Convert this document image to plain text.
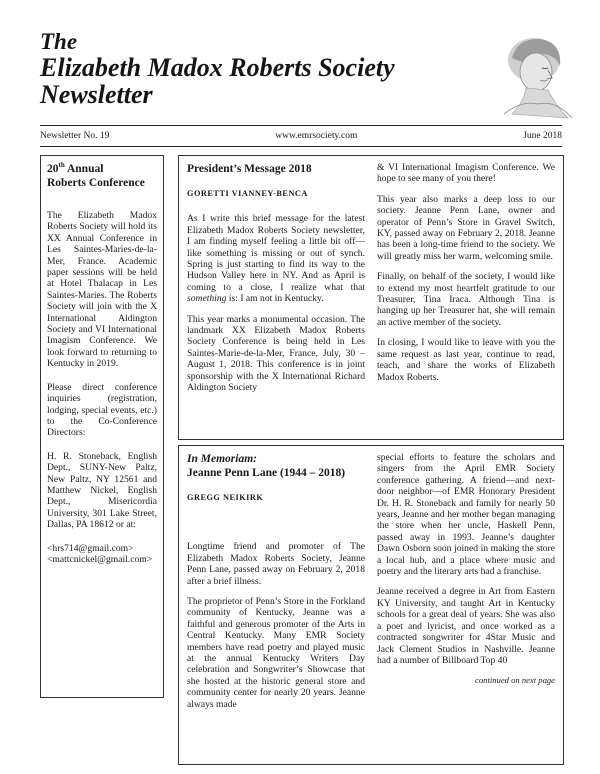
The
Elizabeth Madox Roberts Society
Newsletter
Newsletter No. 19	www.emrsociety.com	June 2018
20th Annual
Roberts Conference

The Elizabeth Madox Roberts Society will hold its XX Annual Conference in Les Saintes-Maries-de-la-Mer, France. Academic paper sessions will be held at Hotel Thalacap in Les Saintes-Maries. The Roberts Society will join with the X International Aldington Society and VI International Imagism Conference. We look forward to returning to Kentucky in 2019.

Please direct conference inquiries (registration, lodging, special events, etc.) to the Co-Conference Directors:

H. R. Stoneback, English Dept., SUNY-New Paltz, New Paltz, NY 12561 and Matthew Nickel, English Dept., Misericordia University, 301 Lake Street, Dallas, PA 18612 or at:

<hrs714@gmail.com>
<mattcnickel@gmail.com>
President’s Message 2018
GORETTI VIANNEY-BENCA

As I write this brief message for the latest Elizabeth Madox Roberts Society newsletter, I am finding myself feeling a little bit off—like something is missing or out of synch. Spring is just starting to find its way to the Hudson Valley here in NY. And as April is coming to a close, I realize what that something is: I am not in Kentucky.

This year marks a monumental occasion. The landmark XX Elizabeth Madox Roberts Society Conference is being held in Les Saintes-Marie-de-la-Mer, France, July, 30 – August 1, 2018. This conference is in joint sponsorship with the X International Richard Aldington Society

& VI International Imagism Conference. We hope to see many of you there!

This year also marks a deep loss to our society. Jeanne Penn Lane, owner and operator of Penn’s Store in Gravel Switch, KY, passed away on February 2, 2018. Jeanne has been a long-time friend to the society. We will greatly miss her warm, welcoming smile.

Finally, on behalf of the society, I would like to extend my most heartfelt gratitude to our Treasurer, Tina Iraca. Although Tina is hanging up her Treasurer hat, she will remain an active member of the society.

In closing, I would like to leave with you the same request as last year, continue to read, teach, and share the works of Elizabeth Madox Roberts.

In Memoriam:
Jeanne Penn Lane (1944 – 2018)
GREGG NEIKIRK

Longtime friend and promoter of The Elizabeth Madox Roberts Society, Jeanne Penn Lane, passed away on February 2, 2018 after a brief illness.

The proprietor of Penn’s Store in the Forkland community of Kentucky, Jeanne was a faithful and generous promoter of the Arts in Central Kentucky. Many EMR Society members have read poetry and played music at the annual Kentucky Writers Day celebration and Songwriter’s Showcase that she hosted at the historic general store and community center for nearly 20 years. Jeanne always made

special efforts to feature the scholars and singers from the April EMR Society conference gathering. A friend—and next-door neighbor—of EMR Honorary President Dr. H. R. Stoneback and family for nearly 50 years, Jeanne and her mother began managing the store when her uncle, Haskell Penn, passed away in 1993. Jeanne’s daughter Dawn Osborn soon joined in making the store a local hub, and a place where music and poetry and the literary arts had a franchise.

Jeanne received a degree in Art from Eastern KY University, and taught Art in Kentucky schools for a great deal of years. She was also a poet and lyricist, and once worked as a contracted songwriter for 4Star Music and Jack Clement Studios in Nashville. Jeanne had a number of Billboard Top 40

continued on next page
